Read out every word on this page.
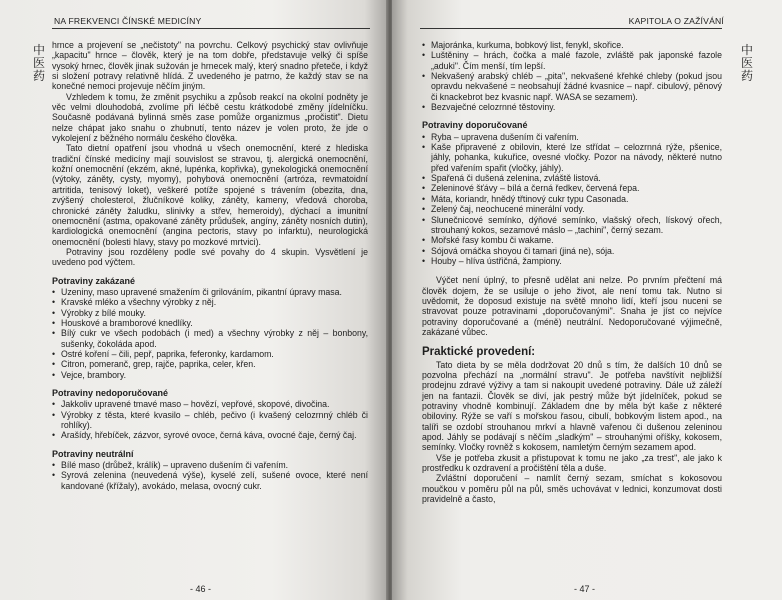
NA FREKVENCI ČÍNSKÉ MEDICÍNY
中
医
药

hrnce a projevení se „nečistoty" na povrchu. Celkový psychický stav ovlivňuje „kapacitu" hrnce – člověk, který je na tom dobře, představuje velký či spíše vysoký hrnec, člověk jinak sužován je hrnecek malý, který snadno přeteče, i když si složení potravy relativně hlídá. Z uvedeného je patrno, že každý stav se na konečné nemoci projevuje něčím jiným.

Vzhledem k tomu, že změnit psychiku a způsob reakcí na okolní podněty je věc velmi dlouhodobá, zvolíme při léčbě cestu krátkodobé změny jídelníčku. Současně podávaná bylinná směs zase pomůže organizmus „pročistit". Dietu nelze chápat jako snahu o zhubnutí, tento název je volen proto, že jde o vykolejení z běžného normálu českého člověka.

Tato dietní opatření jsou vhodná u všech onemocnění, které z hlediska tradiční čínské medicíny mají souvislost se stravou, tj. alergická onemocnění, kožní onemocnění (ekzém, akné, lupénka, kopřivka), gynekologická onemocnění (výtoky, záněty, cysty, myomy), pohybová onemocnění (artróza, revmatoidní artritida, tenisový loket), veškeré potíže spojené s trávením (obezita, dna, zvýšený cholesterol, žlučníkové koliky, záněty, kameny, vředová choroba, chronické záněty žaludku, slinivky a střev, hemeroidy), dýchací a imunitní onemocnění (astma, opakované záněty průdušek, angíny, záněty nosních dutin), kardiologická onemocnění (angina pectoris, stavy po infarktu), neurologická onemocnění (bolesti hlavy, stavy po mozkové mrtvici).

Potraviny jsou rozděleny podle své povahy do 4 skupin. Vysvětlení je uvedeno pod výčtem.

Potraviny zakázané
• Uzeniny, maso upravené smažením či grilováním, pikantní úpravy masa.
• Kravské mléko a všechny výrobky z něj.
• Výrobky z bílé mouky.
• Houskové a bramborové knedlíky.
• Bílý cukr ve všech podobách (i med) a všechny výrobky z něj – bonbony, sušenky, čokoláda apod.
• Ostré koření – čili, pepř, paprika, feferonky, kardamom.
• Citron, pomeranč, grep, rajče, paprika, celer, křen.
• Vejce, brambory.
Potraviny nedoporučované
• Jakkoliv upravené tmavé maso – hovězí, vepřové, skopové, divočina.
• Výrobky z těsta, které kvasilo – chléb, pečivo (i kvašený celozrnný chléb či rohlíky).
• Arašídy, hřebíček, zázvor, syrové ovoce, černá káva, ovocné čaje, černý čaj.
Potraviny neutrální
• Bílé maso (drůbež, králík) – upraveno dušením či vařením.
• Syrová zelenina (neuvedená výše), kyselé zelí, sušené ovoce, které není kandované (křížaly), avokádo, melasa, ovocný cukr.
- 46 -
KAPITOLA O ZAŽÍVÁNÍ
中
医
药
• Majoránka, kurkuma, bobkový list, fenykl, skořice.
• Luštěniny – hrách, čočka a malé fazole, zvláště pak japonské fazole „aduki". Čím menší, tím lepší.
• Nekvašený arabský chléb – „pita", nekvašené křehké chleby (pokud jsou opravdu nekvašené = neobsahují žádné kvasnice – např. cibulový, pěnový či knackebrot bez kvasnic např. WASA se sezamem).
• Bezvaječné celozrnné těstoviny.
Potraviny doporučované
• Ryba – upravena dušením či vařením.
• Kaše připravené z obilovin, které lze střídat – celozrnná rýže, pšenice, jáhly, pohanka, kukuřice, ovesné vločky. Pozor na návody, některé nutno před vařením spařit (vločky, jáhly).
• Spařená či dušená zelenina, zvláště listová.
• Zeleninové šťávy – bílá a černá ředkev, červená řepa.
• Máta, koriandr, hnědý třtinový cukr typu Casonada.
• Zelený čaj, neochucené minerální vody.
• Slunečnicové semínko, dýňové semínko, vlašský ořech, lískový ořech, strouhaný kokos, sezamové máslo – „tachini", černý sezam.
• Mořské řasy kombu či wakame.
• Sójová omáčka shoyou či tamari (jiná ne), sója.
• Houby – hlíva ústřičná, žampiony.

Výčet není úplný, to přesně udělat ani nelze. Po prvním přečtení má člověk dojem, že se usiluje o jeho život, ale není tomu tak. Nutno si uvědomit, že doposud existuje na světě mnoho lidí, kteří jsou nuceni se stravovat pouze potravinami „doporučovanými". Snaha je jíst co nejvíce potraviny doporučované a (méně) neutrální. Nedoporučované výjimečně, zakázané vůbec.

Praktické provedení:

Tato dieta by se měla dodržovat 20 dnů s tím, že dalších 10 dnů se pozvolna přechází na „normální stravu". Je potřeba navštívit nejbližší prodejnu zdravé výživy a tam si nakoupit uvedené potraviny. Dále už záleží jen na fantazii. Člověk se diví, jak pestrý může být jídelníček, pokud se potraviny vhodně kombinují. Základem dne by měla být kaše z některé obiloviny. Rýže se vaří s mořskou řasou, cibulí, bobkovým listem apod., na talíři se ozdobí strouhanou mrkví a hlavně vařenou či dušenou zeleninou apod. Jáhly se podávají s něčím „sladkým" – strouhanými oříšky, kokosem, semínky. Vločky rovněž s kokosem, namletým černým sezamem apod.

Vše je potřeba zkusit a přistupovat k tomu ne jako „za trest", ale jako k prostředku k ozdravení a pročištění těla a duše.

Zvláštní doporučení – namlít černý sezam, smíchat s kokosovou moučkou v poměru půl na půl, směs uchovávat v lednici, konzumovat dosti pravidelně a často,

- 47 -
